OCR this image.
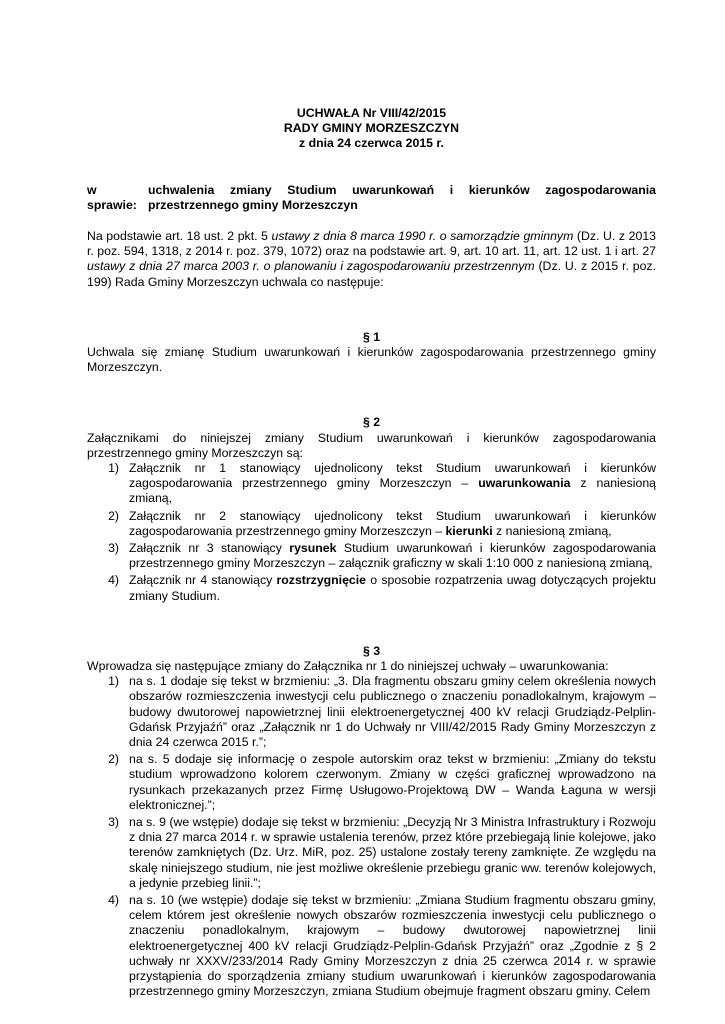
UCHWAŁA Nr VIII/42/2015
RADY GMINY MORZESZCZYN
z dnia 24 czerwca 2015 r.
w sprawie:
uchwalenia zmiany Studium uwarunkowań i kierunków zagospodarowania przestrzennego gminy Morzeszczyn
Na podstawie art. 18 ust. 2 pkt. 5 ustawy z dnia 8 marca 1990 r. o samorządzie gminnym (Dz. U. z 2013 r. poz. 594, 1318, z 2014 r. poz. 379, 1072) oraz na podstawie art. 9, art. 10 art. 11, art. 12 ust. 1 i art. 27 ustawy z dnia 27 marca 2003 r. o planowaniu i zagospodarowaniu przestrzennym (Dz. U. z 2015 r. poz. 199) Rada Gminy Morzeszczyn uchwala co następuje:
§ 1
Uchwala się zmianę Studium uwarunkowań i kierunków zagospodarowania przestrzennego gminy Morzeszczyn.
§ 2
Załącznikami do niniejszej zmiany Studium uwarunkowań i kierunków zagospodarowania przestrzennego gminy Morzeszczyn są:
1) Załącznik nr 1 stanowiący ujednolicony tekst Studium uwarunkowań i kierunków zagospodarowania przestrzennego gminy Morzeszczyn – uwarunkowania z naniesioną zmianą,
2) Załącznik nr 2 stanowiący ujednolicony tekst Studium uwarunkowań i kierunków zagospodarowania przestrzennego gminy Morzeszczyn – kierunki z naniesioną zmianą,
3) Załącznik nr 3 stanowiący rysunek Studium uwarunkowań i kierunków zagospodarowania przestrzennego gminy Morzeszczyn – załącznik graficzny w skali 1:10 000 z naniesioną zmianą,
4) Załącznik nr 4 stanowiący rozstrzygnięcie o sposobie rozpatrzenia uwag dotyczących projektu zmiany Studium.
§ 3
Wprowadza się następujące zmiany do Załącznika nr 1 do niniejszej uchwały – uwarunkowania:
1) na s. 1 dodaje się tekst w brzmieniu: „3. Dla fragmentu obszaru gminy celem określenia nowych obszarów rozmieszczenia inwestycji celu publicznego o znaczeniu ponadlokalnym, krajowym – budowy dwutorowej napowietrznej linii elektroenergetycznej 400 kV relacji Grudziądz-Pelplin-Gdańsk Przyjaźń” oraz „Załącznik nr 1 do Uchwały nr VIII/42/2015 Rady Gminy Morzeszczyn z dnia 24 czerwca 2015 r.”;
2) na s. 5 dodaje się informację o zespole autorskim oraz tekst w brzmieniu: „Zmiany do tekstu studium wprowadzono kolorem czerwonym. Zmiany w części graficznej wprowadzono na rysunkach przekazanych przez Firmę Usługowo-Projektową DW – Wanda Łaguna w wersji elektronicznej.”;
3) na s. 9 (we wstępie) dodaje się tekst w brzmieniu: „Decyzją Nr 3 Ministra Infrastruktury i Rozwoju z dnia 27 marca 2014 r. w sprawie ustalenia terenów, przez które przebiegają linie kolejowe, jako terenów zamkniętych (Dz. Urz. MiR, poz. 25) ustalone zostały tereny zamknięte. Ze względu na skalę niniejszego studium, nie jest możliwe określenie przebiegu granic ww. terenów kolejowych, a jedynie przebieg linii.”;
4) na s. 10 (we wstępie) dodaje się tekst w brzmieniu: „Zmiana Studium fragmentu obszaru gminy, celem którem jest określenie nowych obszarów rozmieszczenia inwestycji celu publicznego o znaczeniu ponadlokalnym, krajowym – budowy dwutorowej napowietrznej linii elektroenergetycznej 400 kV relacji Grudziądz-Pelplin-Gdańsk Przyjaźń” oraz „Zgodnie z § 2 uchwały nr XXXV/233/2014 Rady Gminy Morzeszczyn z dnia 25 czerwca 2014 r. w sprawie przystąpienia do sporządzenia zmiany studium uwarunkowań i kierunków zagospodarowania przestrzennego gminy Morzeszczyn, zmiana Studium obejmuje fragment obszaru gminy. Celem
